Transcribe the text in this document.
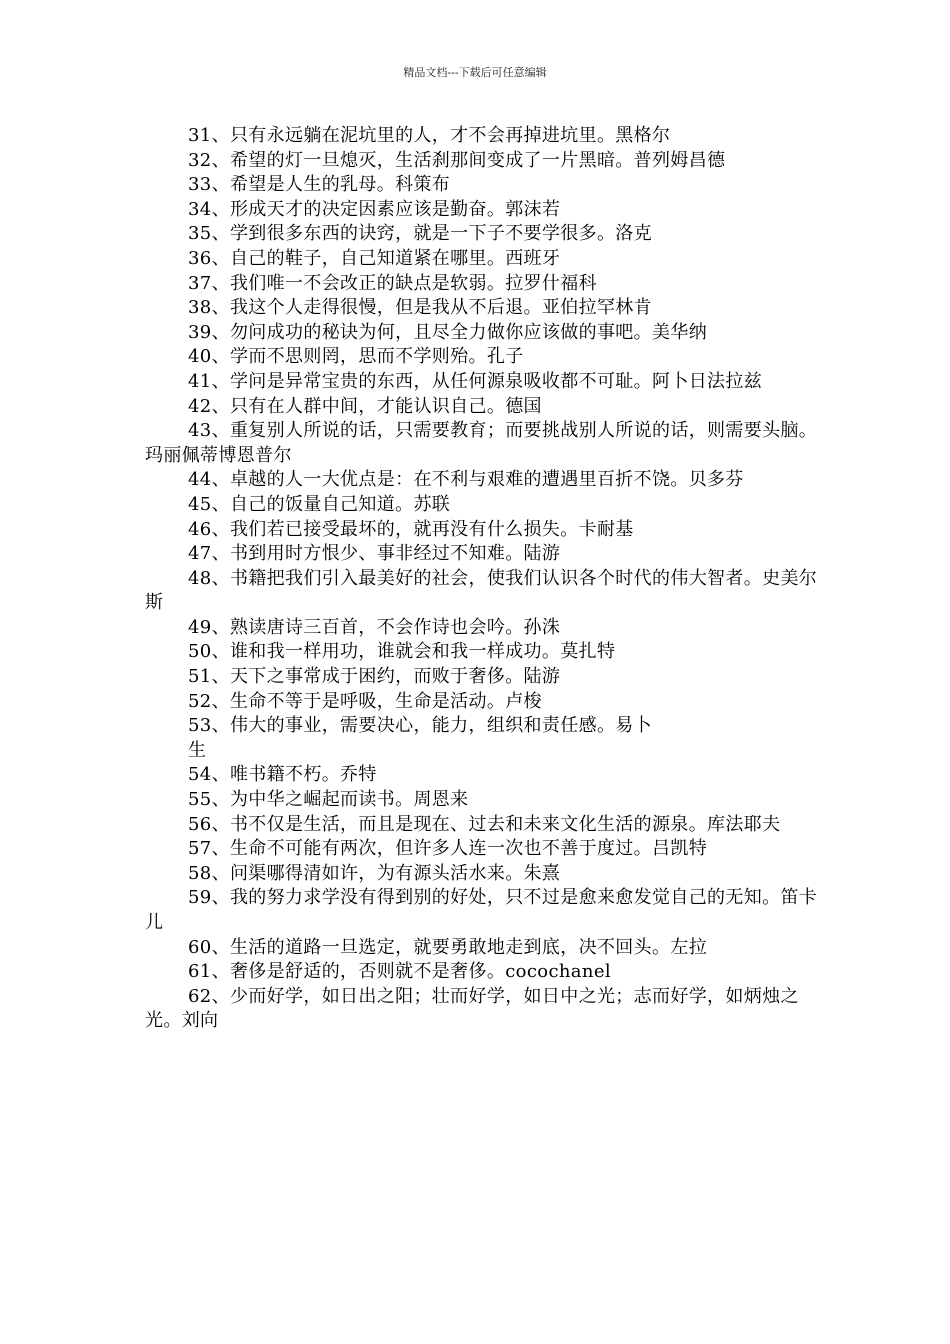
精品文档---下载后可任意编辑

31、只有永远躺在泥坑里的人，才不会再掉进坑里。黑格尔

32、希望的灯一旦熄灭，生活刹那间变成了一片黑暗。普列姆昌德

33、希望是人生的乳母。科策布

34、形成天才的决定因素应该是勤奋。郭沫若

35、学到很多东西的诀窍，就是一下子不要学很多。洛克

36、自己的鞋子，自己知道紧在哪里。西班牙

37、我们唯一不会改正的缺点是软弱。拉罗什福科

38、我这个人走得很慢，但是我从不后退。亚伯拉罕林肯

39、勿问成功的秘诀为何，且尽全力做你应该做的事吧。美华纳

40、学而不思则罔，思而不学则殆。孔子

41、学问是异常宝贵的东西，从任何源泉吸收都不可耻。阿卜日法拉兹

42、只有在人群中间，才能认识自己。德国

43、重复别人所说的话，只需要教育；而要挑战别人所说的话，则需要头脑。玛丽佩蒂博恩普尔

44、卓越的人一大优点是：在不利与艰难的遭遇里百折不饶。贝多芬

45、自己的饭量自己知道。苏联

46、我们若已接受最坏的，就再没有什么损失。卡耐基

47、书到用时方恨少、事非经过不知难。陆游

48、书籍把我们引入最美好的社会，使我们认识各个时代的伟大智者。史美尔斯

49、熟读唐诗三百首，不会作诗也会吟。孙洙

50、谁和我一样用功，谁就会和我一样成功。莫扎特

51、天下之事常成于困约，而败于奢侈。陆游

52、生命不等于是呼吸，生命是活动。卢梭

53、伟大的事业，需要决心，能力，组织和责任感。易卜

生

54、唯书籍不朽。乔特

55、为中华之崛起而读书。周恩来

56、书不仅是生活，而且是现在、过去和未来文化生活的源泉。库法耶夫

57、生命不可能有两次，但许多人连一次也不善于度过。吕凯特

58、问渠哪得清如许，为有源头活水来。朱熹

59、我的努力求学没有得到别的好处，只不过是愈来愈发觉自己的无知。笛卡儿

60、生活的道路一旦选定，就要勇敢地走到底，决不回头。左拉

61、奢侈是舒适的，否则就不是奢侈。cocochanel

62、少而好学，如日出之阳；壮而好学，如日中之光；志而好学，如炳烛之光。刘向
